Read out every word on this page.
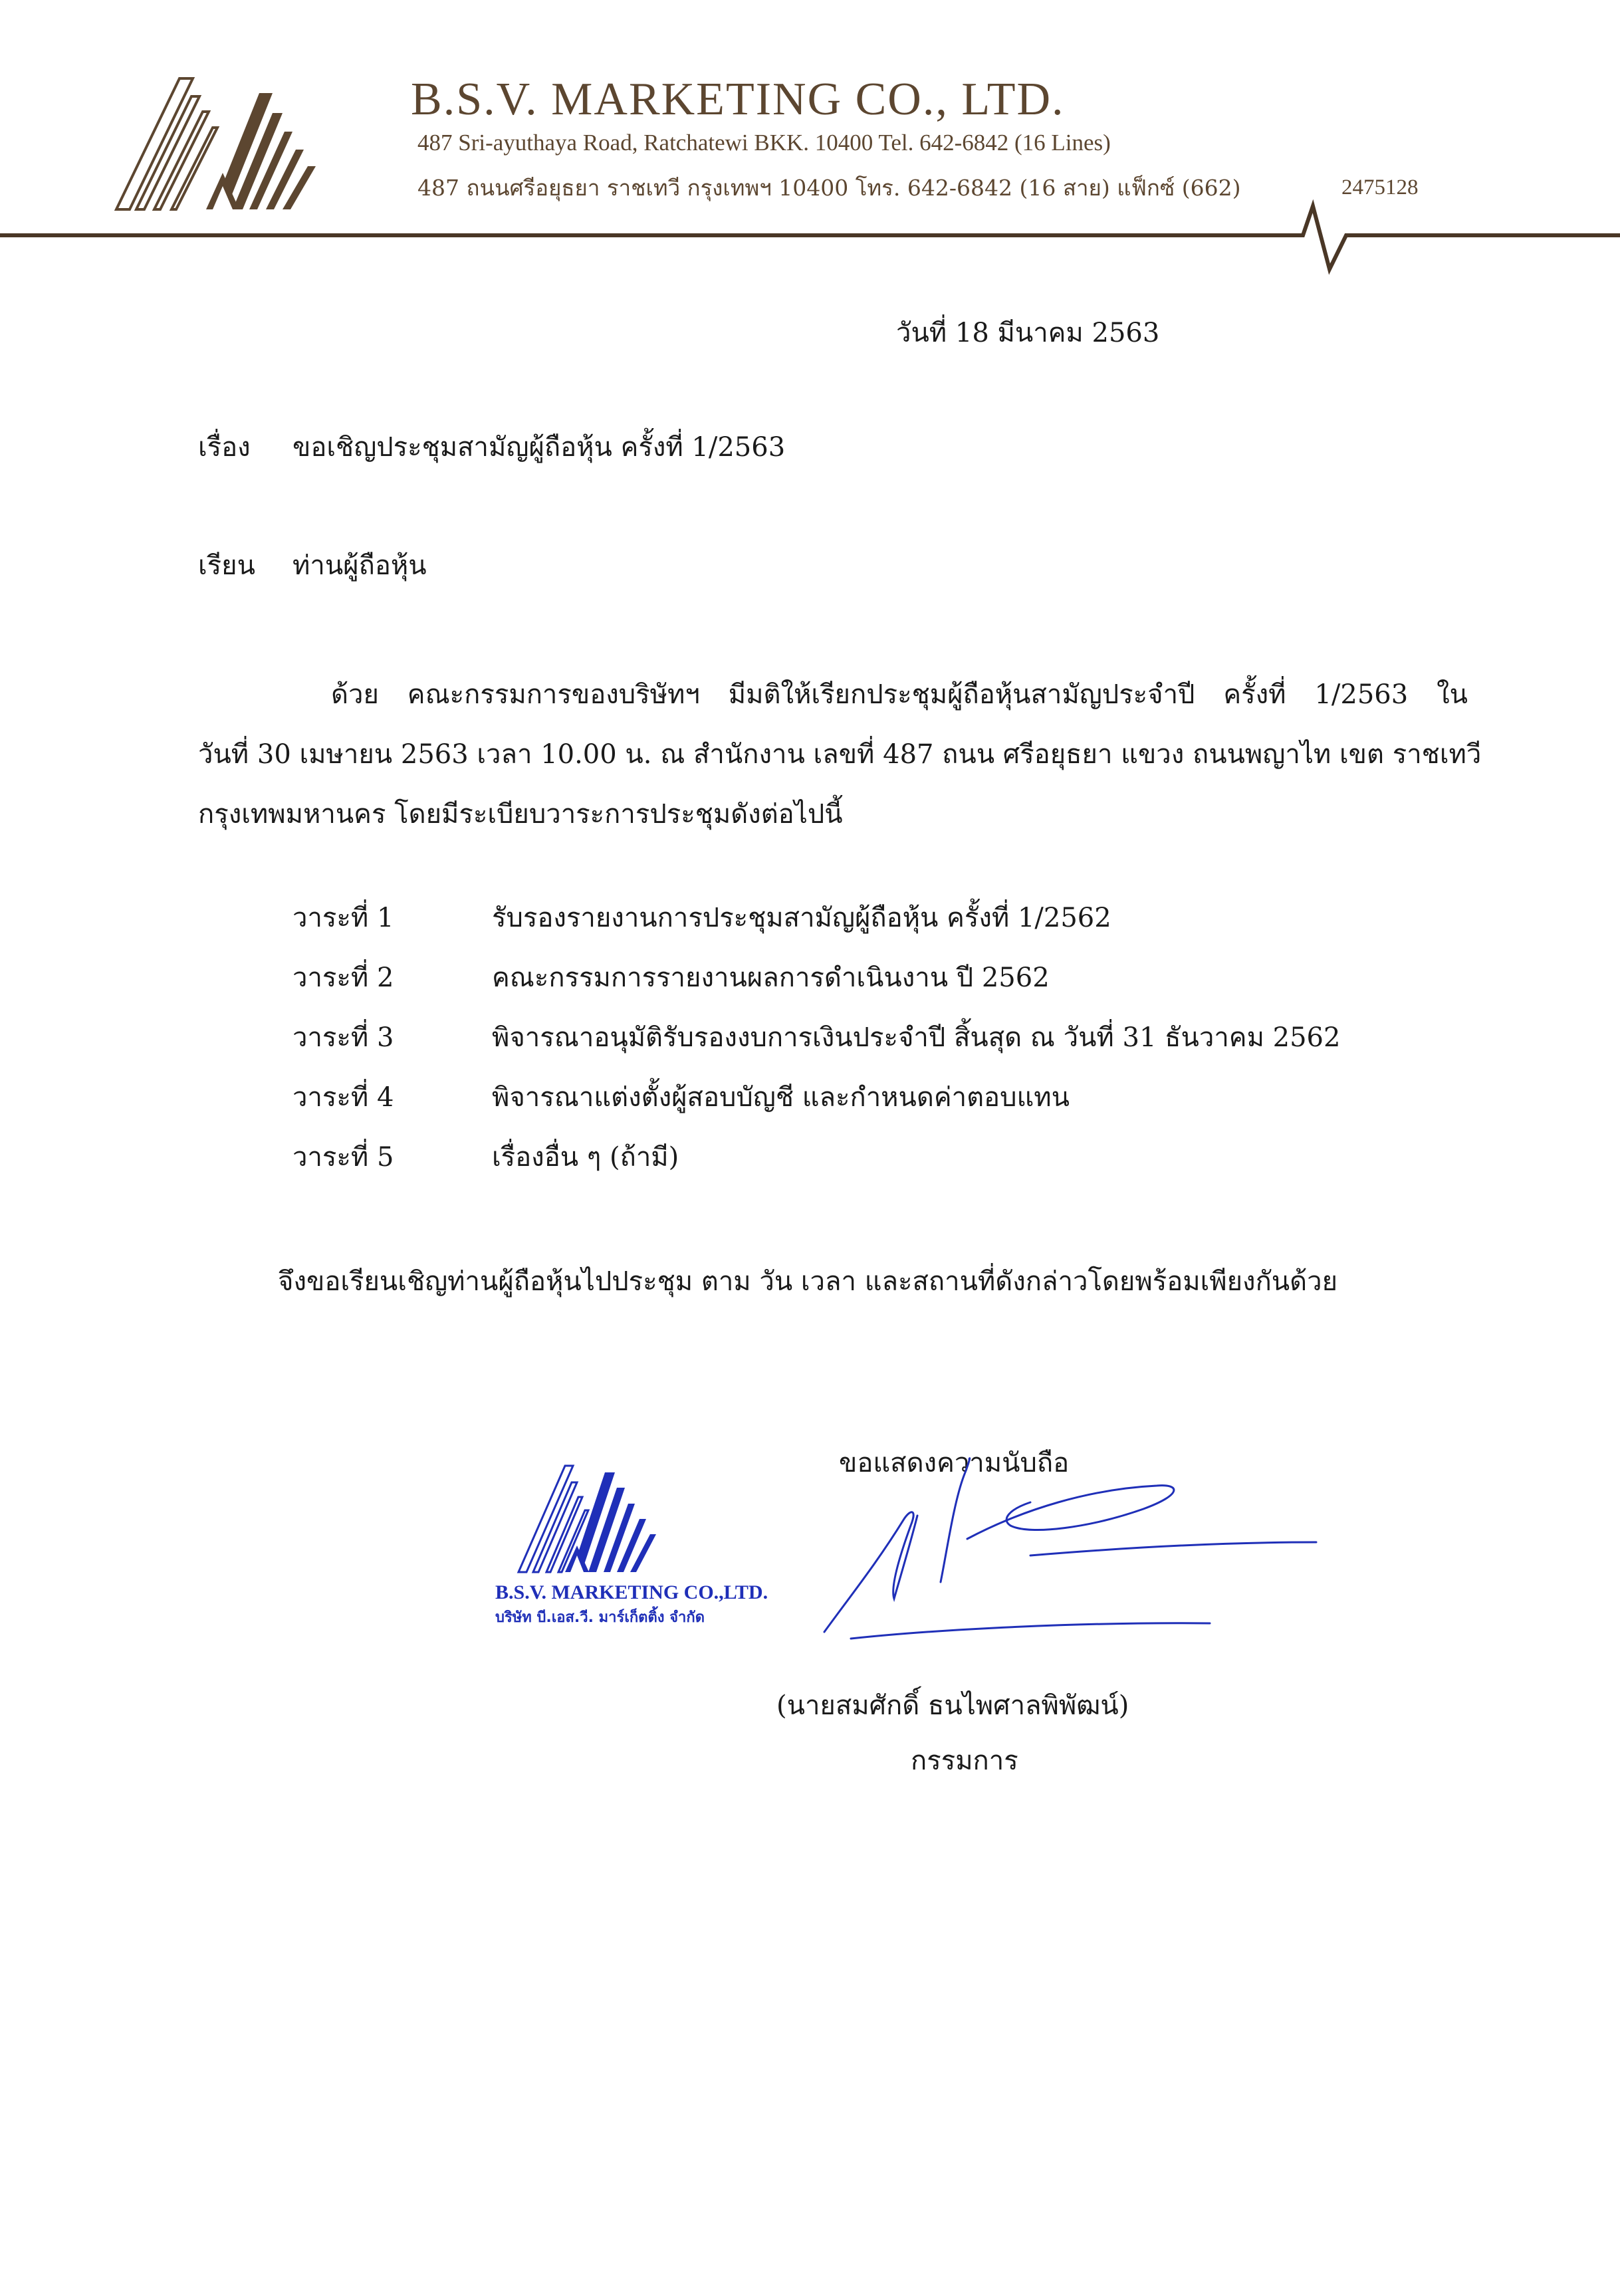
B.S.V. MARKETING CO., LTD.
487 Sri-ayuthaya Road, Ratchatewi BKK. 10400 Tel. 642-6842 (16 Lines)
487 ถนนศรีอยุธยา ราชเทวี กรุงเทพฯ 10400 โทร. 642-6842 (16 สาย) แฟ็กซ์ (662)	2475128
วันที่ 18 มีนาคม 2563
เรื่อง ขอเชิญประชุมสามัญผู้ถือหุ้น ครั้งที่ 1/2563
เรียน ท่านผู้ถือหุ้น
ด้วย คณะกรรมการของบริษัทฯ มีมติให้เรียกประชุมผู้ถือหุ้นสามัญประจำปี ครั้งที่ 1/2563 ใน
วันที่ 30 เมษายน 2563 เวลา 10.00 น. ณ สำนักงาน เลขที่ 487 ถนน ศรีอยุธยา แขวง ถนนพญาไท เขต ราชเทวี
กรุงเทพมหานคร โดยมีระเบียบวาระการประชุมดังต่อไปนี้
วาระที่ 1	รับรองรายงานการประชุมสามัญผู้ถือหุ้น ครั้งที่ 1/2562
วาระที่ 2	คณะกรรมการรายงานผลการดำเนินงาน ปี 2562
วาระที่ 3	พิจารณาอนุมัติรับรองงบการเงินประจำปี สิ้นสุด ณ วันที่ 31 ธันวาคม 2562
วาระที่ 4	พิจารณาแต่งตั้งผู้สอบบัญชี และกำหนดค่าตอบแทน
วาระที่ 5	เรื่องอื่น ๆ (ถ้ามี)
จึงขอเรียนเชิญท่านผู้ถือหุ้นไปประชุม ตาม วัน เวลา และสถานที่ดังกล่าวโดยพร้อมเพียงกันด้วย
ขอแสดงความนับถือ
B.S.V. MARKETING CO.,LTD.
บริษัท บี.เอส.วี. มาร์เก็ตติ้ง จำกัด
(นายสมศักดิ์ ธนไพศาลพิพัฒน์)
กรรมการ
